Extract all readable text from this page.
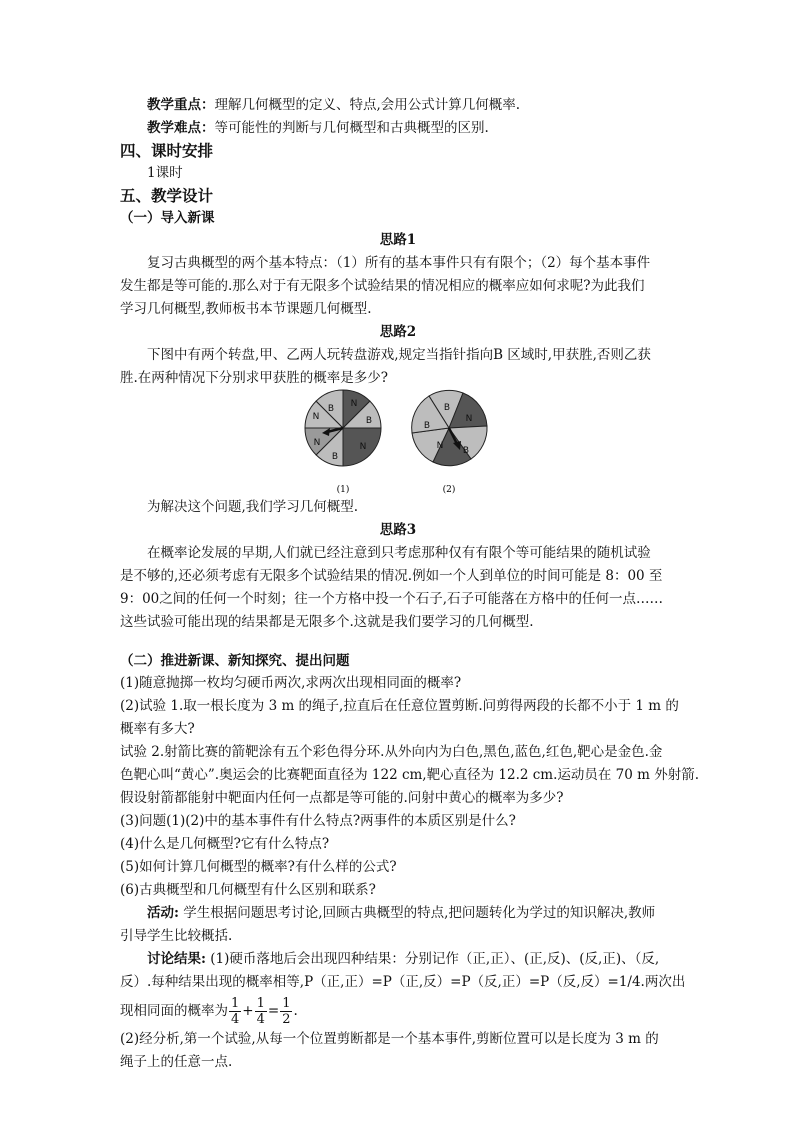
教学重点：理解几何概型的定义、特点,会用公式计算几何概率.
教学难点：等可能性的判断与几何概型和古典概型的区别.
四、课时安排
1课时
五、教学设计
（一）导入新课
思路1
复习古典概型的两个基本特点：（1）所有的基本事件只有有限个；（2）每个基本事件
发生都是等可能的.那么对于有无限多个试验结果的情况相应的概率应如何求呢?为此我们
学习几何概型,教师板书本节课题几何概型.
思路2
下图中有两个转盘,甲、乙两人玩转盘游戏,规定当指针指向B 区域时,甲获胜,否则乙获
胜.在两种情况下分别求甲获胜的概率是多少?
N
B
N
B
N
N
B
(1)
B
N
B
N
B
(2)
为解决这个问题,我们学习几何概型.
思路3
在概率论发展的早期,人们就已经注意到只考虑那种仅有有限个等可能结果的随机试验
是不够的,还必须考虑有无限多个试验结果的情况.例如一个人到单位的时间可能是 8：00 至
9：00之间的任何一个时刻；往一个方格中投一个石子,石子可能落在方格中的任何一点……
这些试验可能出现的结果都是无限多个.这就是我们要学习的几何概型.
（二）推进新课、新知探究、提出问题
(1)随意抛掷一枚均匀硬币两次,求两次出现相同面的概率?
(2)试验 1.取一根长度为 3 m 的绳子,拉直后在任意位置剪断.问剪得两段的长都不小于 1 m 的
概率有多大?
试验 2.射箭比赛的箭靶涂有五个彩色得分环.从外向内为白色,黑色,蓝色,红色,靶心是金色.金
色靶心叫“黄心”.奥运会的比赛靶面直径为 122 cm,靶心直径为 12.2 cm.运动员在 70 m 外射箭.
假设射箭都能射中靶面内任何一点都是等可能的.问射中黄心的概率为多少?
(3)问题(1)(2)中的基本事件有什么特点?两事件的本质区别是什么?
(4)什么是几何概型?它有什么特点?
(5)如何计算几何概型的概率?有什么样的公式?
(6)古典概型和几何概型有什么区别和联系?
活动: 学生根据问题思考讨论,回顾古典概型的特点,把问题转化为学过的知识解决,教师
引导学生比较概括.
讨论结果: (1)硬币落地后会出现四种结果：分别记作（正,正）、(正,反)、(反,正)、（反,
反）.每种结果出现的概率相等,P（正,正）=P（正,反）=P（反,正）=P（反,反）=1/4.两次出
现相同面的概率为 $\frac{1}{4} + \frac{1}{4} = \frac{1}{2}$ .
(2)经分析,第一个试验,从每一个位置剪断都是一个基本事件,剪断位置可以是长度为 3 m 的
绳子上的任意一点.
